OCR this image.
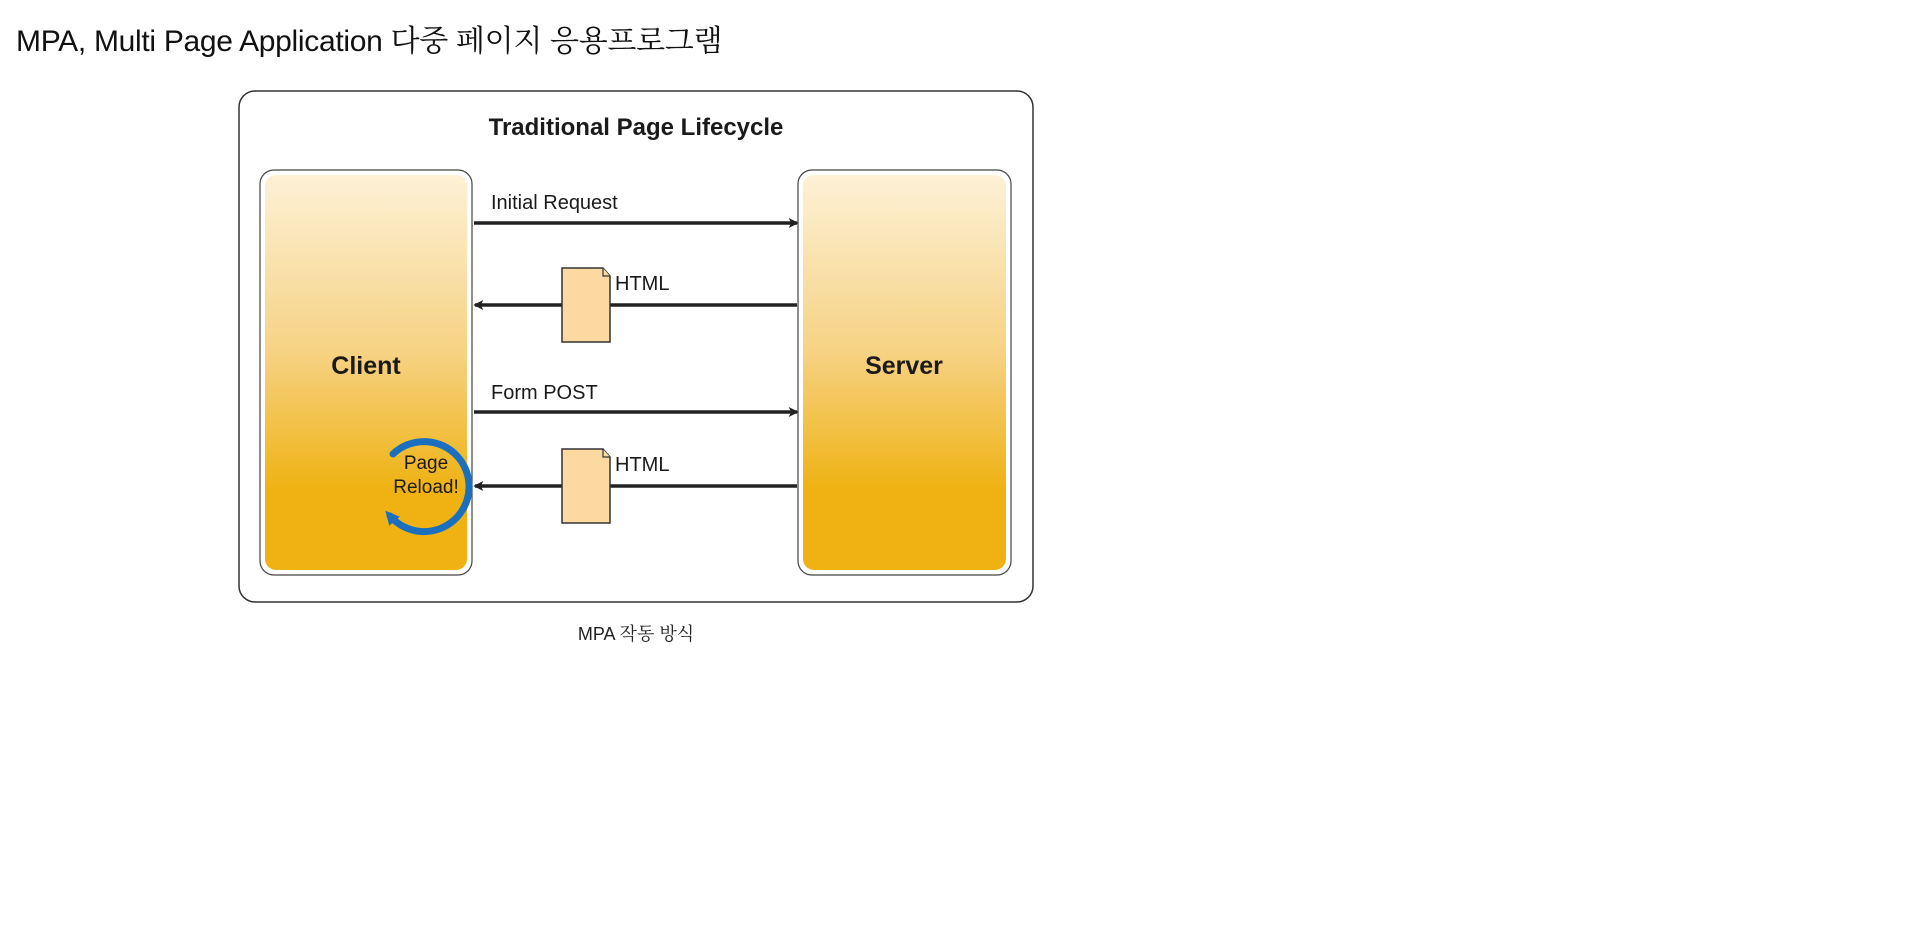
MPA, Multi Page Application 다중 페이지 응용프로그램
Traditional Page Lifecycle
Client	Server
Initial Request
HTML
Form POST
HTML
Page
Reload!

MPA 작동 방식
